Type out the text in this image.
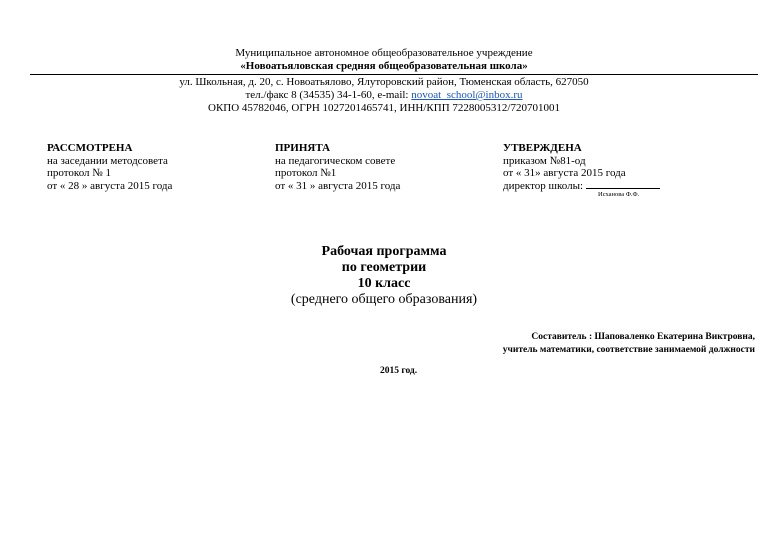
Муниципальное автономное общеобразовательное учреждение
«Новоатьяловская средняя общеобразовательная школа»
ул. Школьная, д. 20, с. Новоатьялово, Ялуторовский район, Тюменская область, 627050
тел./факс 8 (34535) 34-1-60, e-mail: novoat_school@inbox.ru
ОКПО 45782046, ОГРН 1027201465741, ИНН/КПП 7228005312/720701001
РАССМОТРЕНА
на заседании методсовета
протокол № 1
от « 28 » августа 2015 года
ПРИНЯТА
на педагогическом совете
протокол №1
от « 31 » августа 2015 года
УТВЕРЖДЕНА
приказом №81-од
от « 31» августа 2015 года
директор школы:
Исханова Ф.Ф.
Рабочая программа
по геометрии
10 класс
(среднего общего образования)
Составитель : Шаповаленко Екатерина Виктровна,
учитель математики, соответствие занимаемой должности
2015 год.
